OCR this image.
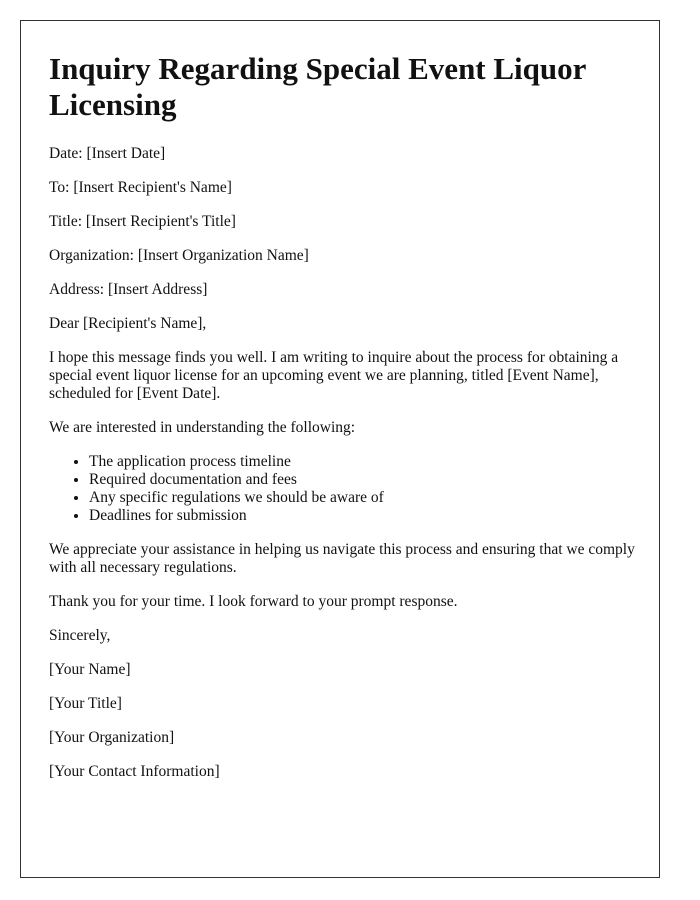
Inquiry Regarding Special Event Liquor Licensing

Date: [Insert Date]

To: [Insert Recipient's Name]

Title: [Insert Recipient's Title]

Organization: [Insert Organization Name]

Address: [Insert Address]

Dear [Recipient's Name],

I hope this message finds you well. I am writing to inquire about the process for obtaining a special event liquor license for an upcoming event we are planning, titled [Event Name], scheduled for [Event Date].

We are interested in understanding the following:

• The application process timeline
• Required documentation and fees
• Any specific regulations we should be aware of
• Deadlines for submission

We appreciate your assistance in helping us navigate this process and ensuring that we comply with all necessary regulations.

Thank you for your time. I look forward to your prompt response.

Sincerely,

[Your Name]

[Your Title]

[Your Organization]

[Your Contact Information]
